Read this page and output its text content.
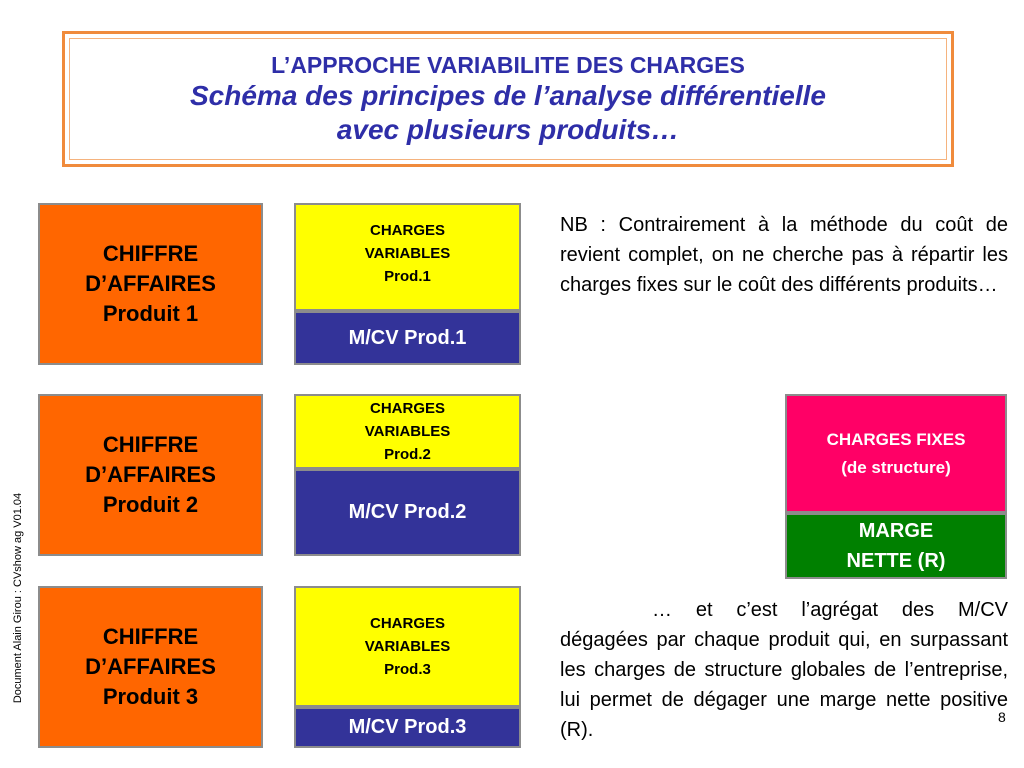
L’APPROCHE VARIABILITE DES CHARGES
Schéma des principes de l’analyse différentielle
avec plusieurs produits…
CHIFFRE
D’AFFAIRES
Produit 1
CHARGES
VARIABLES
Prod.1
M/CV Prod.1
CHIFFRE
D’AFFAIRES
Produit 2
CHARGES
VARIABLES
Prod.2
M/CV Prod.2
CHIFFRE
D’AFFAIRES
Produit 3
CHARGES
VARIABLES
Prod.3
M/CV Prod.3
NB : Contrairement à la méthode du coût de revient complet, on ne cherche pas à répartir les charges fixes sur le coût des différents produits…
CHARGES FIXES
(de structure)
MARGE
NETTE (R)
… et c’est l’agrégat des M/CV dégagées par chaque produit qui, en surpassant les charges de structure globales de l’entreprise, lui permet de dégager une marge nette positive (R).
Document Alain Girou : CVshow ag V01.04
8
